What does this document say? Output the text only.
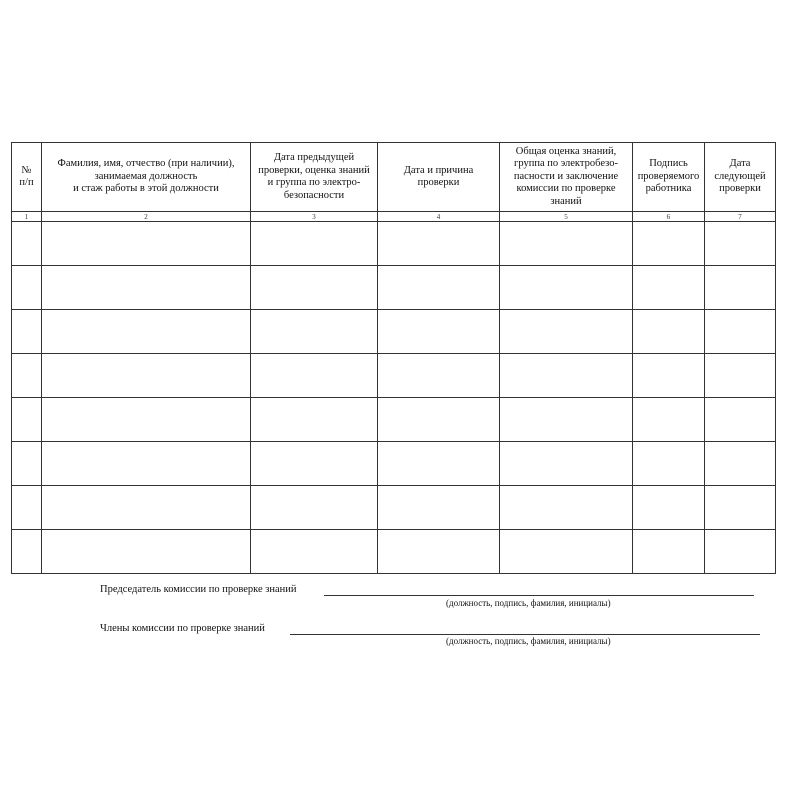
№
п/п	Фамилия, имя, отчество (при наличии),
занимаемая должность
и стаж работы в этой должности	Дата предыдущей
проверки, оценка знаний
и группа по электро-
безопасности	Дата и причина
проверки	Общая оценка знаний,
группа по электробезо-
пасности и заключение
комиссии по проверке
знаний	Подпись
проверяемого
работника	Дата
следующей
проверки
1	2	3	4	5	6	7

Председатель комиссии по проверке знаний
(должность, подпись, фамилия, инициалы)
Члены комиссии по проверке знаний
(должность, подпись, фамилия, инициалы)
